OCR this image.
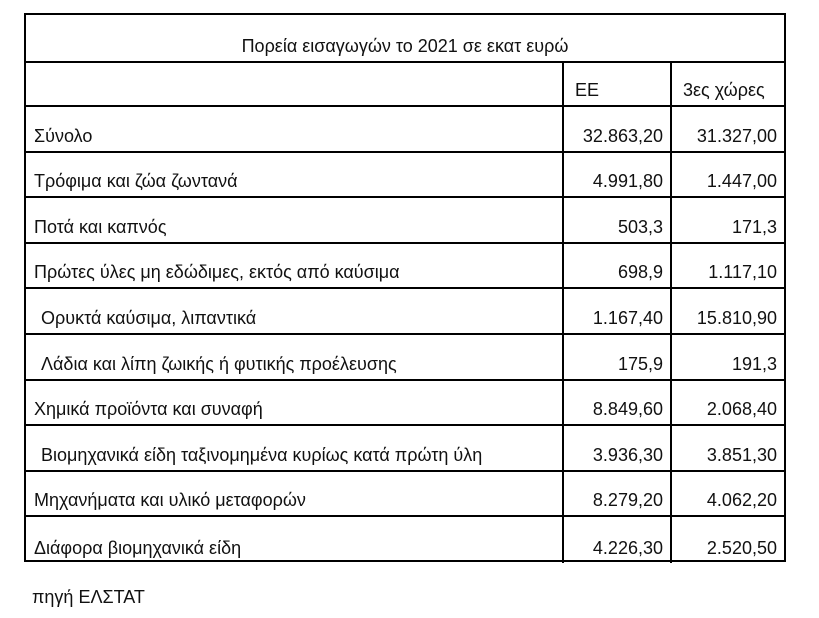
Πορεία εισαγωγών το 2021 σε εκατ ευρώ
ΕΕ	3ες χώρες
Σύνολο	32.863,20 31.327,00
Τρόφιμα και ζώα ζωντανά	4.991,80 1.447,00
Ποτά και καπνός	503,3	171,3
Πρώτες ύλες μη εδώδιμες, εκτός από καύσιμα	698,9	1.117,10
Ορυκτά καύσιμα, λιπαντικά	1.167,40 15.810,90
Λάδια και λίπη ζωικής ή φυτικής προέλευσης	175,9	191,3
Χημικά προϊόντα και συναφή	8.849,60 2.068,40
Βιομηχανικά είδη ταξινομημένα κυρίως κατά πρώτη ύλη	3.936,30 3.851,30
Μηχανήματα και υλικό μεταφορών	8.279,20 4.062,20
Διάφορα βιομηχανικά είδη	4.226,30 2.520,50
πηγή ΕΛΣΤΑΤ
